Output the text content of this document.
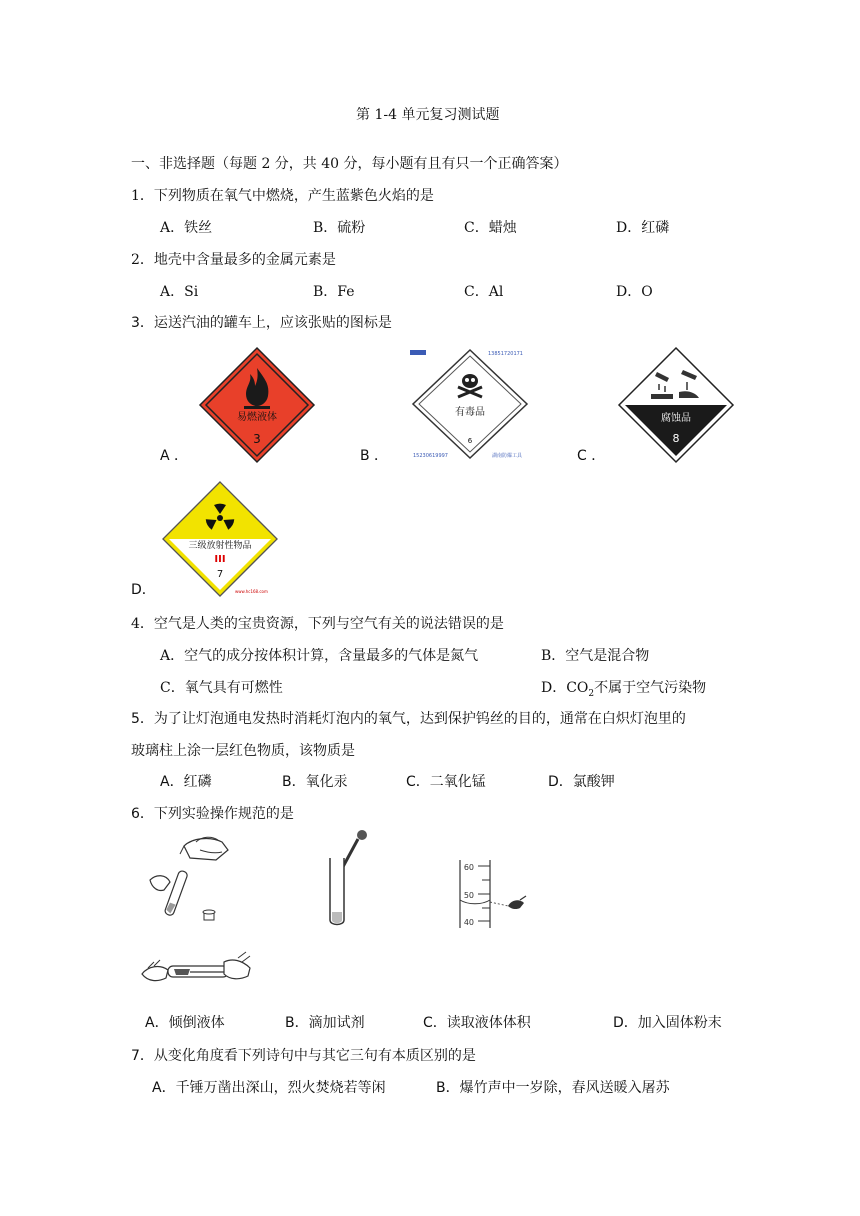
第 1-4 单元复习测试题
一、非选择题（每题 2 分，共 40 分，每小题有且有只一个正确答案）
1．下列物质在氧气中燃烧，产生蓝紫色火焰的是
A．铁丝	B．硫粉	C．蜡烛	D．红磷
2．地壳中含量最多的金属元素是
A．Si	B．Fe	C．Al	D．O
3．运送汽油的罐车上，应该张贴的图标是
易燃液体
3
A ．
有毒品
6
13851720171
15230619997	湖南防爆工具
B ．
腐蚀品
8
C ．
三级放射性物品
III
7
www.hc168.com
D．
4．空气是人类的宝贵资源，下列与空气有关的说法错误的是
A．空气的成分按体积计算，含量最多的气体是氮气	B．空气是混合物
C．氧气具有可燃性	D．$CO_2$不属于空气污染物
5．为了让灯泡通电发热时消耗灯泡内的氧气，达到保护钨丝的目的，通常在白炽灯泡里的
玻璃柱上涂一层红色物质，该物质是
A．红磷	B．氧化汞	C．二氧化锰	D．氯酸钾
6．下列实验操作规范的是
60
50
40
A．倾倒液体	B．滴加试剂	C．读取液体体积	D．加入固体粉末
7．从变化角度看下列诗句中与其它三句有本质区别的是
A．千锤万凿出深山，烈火焚烧若等闲	B．爆竹声中一岁除，春风送暖入屠苏
